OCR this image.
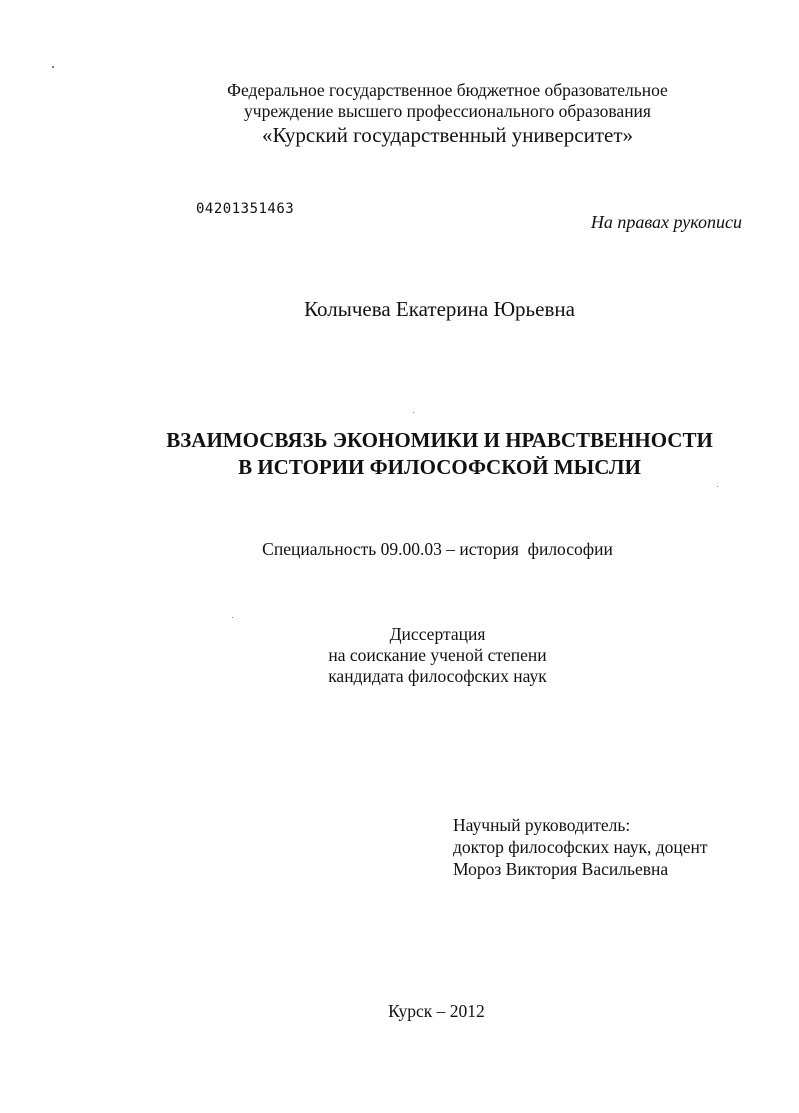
Федеральное государственное бюджетное образовательное
учреждение высшего профессионального образования
«Курский государственный университет»
04201351463
На правах рукописи
Колычева Екатерина Юрьевна
ВЗАИМОСВЯЗЬ ЭКОНОМИКИ И НРАВСТВЕННОСТИ
В ИСТОРИИ ФИЛОСОФСКОЙ МЫСЛИ
Специальность 09.00.03 – история  философии
Диссертация
на соискание ученой степени
кандидата философских наук
Научный руководитель:
доктор философских наук, доцент
Мороз Виктория Васильевна
Курск – 2012
